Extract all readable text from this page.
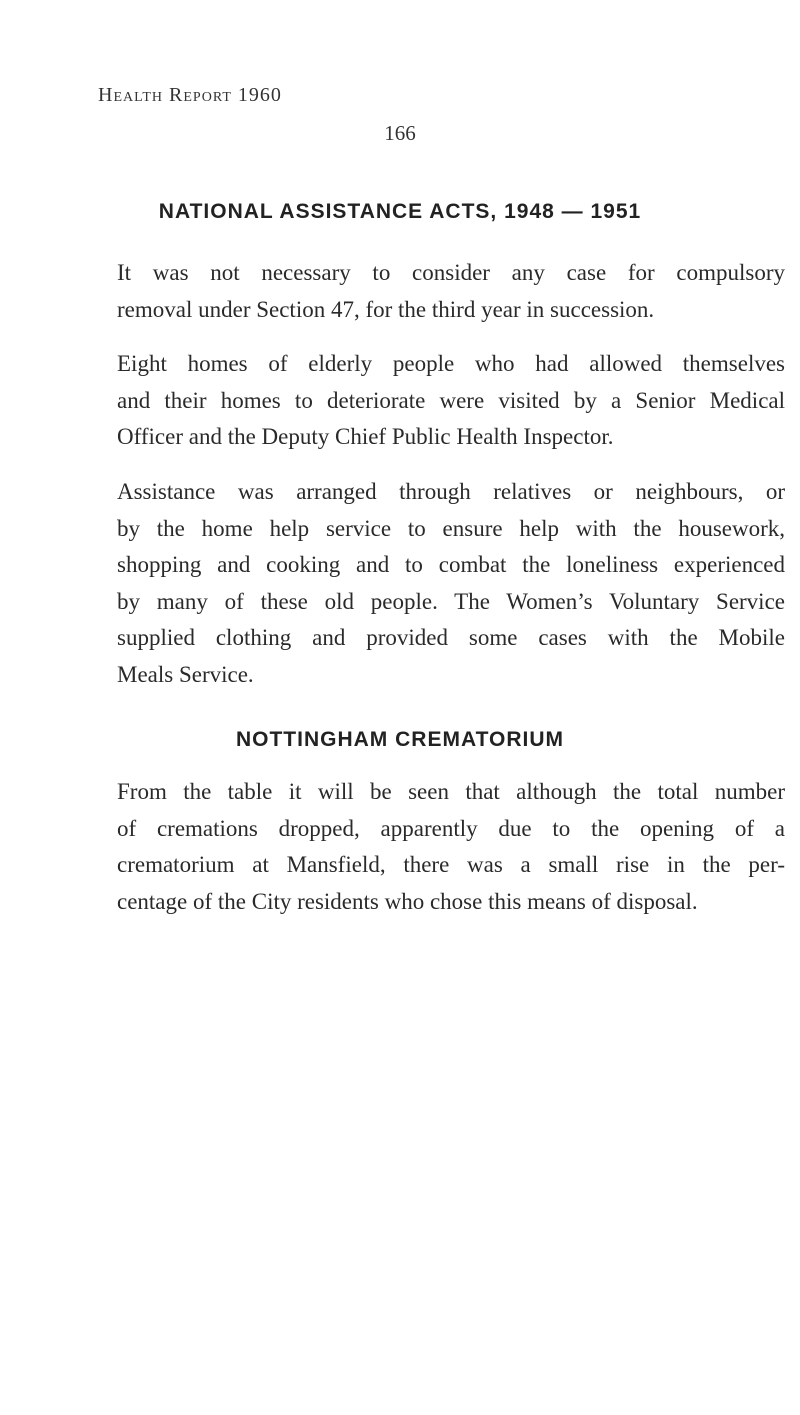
Health Report 1960

166

NATIONAL ASSISTANCE ACTS, 1948 — 1951

It was not necessary to consider any case for compulsory
removal under Section 47, for the third year in succession.

Eight homes of elderly people who had allowed themselves
and their homes to deteriorate were visited by a Senior Medical
Officer and the Deputy Chief Public Health Inspector.

Assistance was arranged through relatives or neighbours, or
by the home help service to ensure help with the housework,
shopping and cooking and to combat the loneliness experienced
by many of these old people. The Women’s Voluntary Service
supplied clothing and provided some cases with the Mobile
Meals Service.

NOTTINGHAM CREMATORIUM

From the table it will be seen that although the total number
of cremations dropped, apparently due to the opening of a
crematorium at Mansfield, there was a small rise in the per-
centage of the City residents who chose this means of disposal.
